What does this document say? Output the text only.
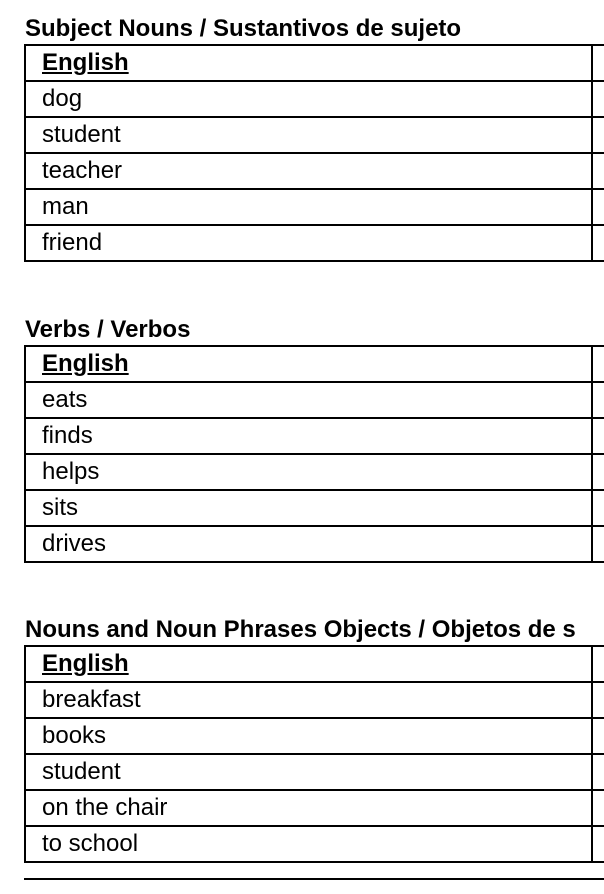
Subject Nouns / Sustantivos de sujeto
English	
dog	
student	
teacher	
man	
friend	
Verbs / Verbos
English	
eats	
finds	
helps	
sits	
drives	
Nouns and Noun Phrases Objects / Objetos de s
English	
breakfast	
books	
student	
on the chair	
to school	
